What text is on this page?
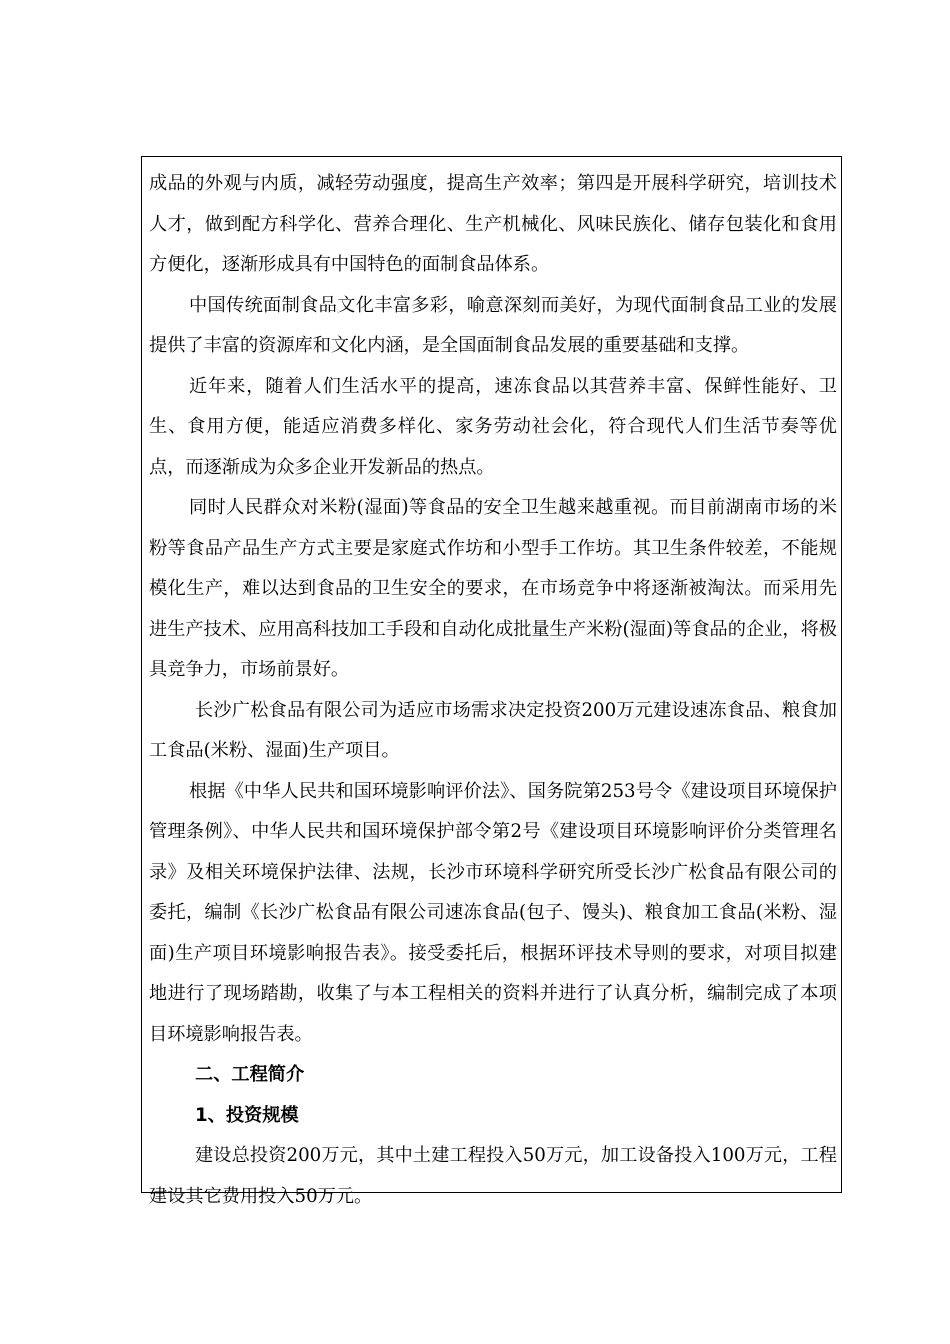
成品的外观与内质，减轻劳动强度，提高生产效率；第四是开展科学研究，培训技术人才，做到配方科学化、营养合理化、生产机械化、风味民族化、储存包装化和食用方便化，逐渐形成具有中国特色的面制食品体系。

中国传统面制食品文化丰富多彩，喻意深刻而美好，为现代面制食品工业的发展提供了丰富的资源库和文化内涵，是全国面制食品发展的重要基础和支撑。

近年来，随着人们生活水平的提高，速冻食品以其营养丰富、保鲜性能好、卫生、食用方便，能适应消费多样化、家务劳动社会化，符合现代人们生活节奏等优点，而逐渐成为众多企业开发新品的热点。

同时人民群众对米粉(湿面)等食品的安全卫生越来越重视。而目前湖南市场的米粉等食品产品生产方式主要是家庭式作坊和小型手工作坊。其卫生条件较差，不能规模化生产，难以达到食品的卫生安全的要求，在市场竞争中将逐渐被淘汰。而采用先进生产技术、应用高科技加工手段和自动化成批量生产米粉(湿面)等食品的企业，将极具竞争力，市场前景好。

长沙广松食品有限公司为适应市场需求决定投资200万元建设速冻食品、粮食加工食品(米粉、湿面)生产项目。

根据《中华人民共和国环境影响评价法》、国务院第253号令《建设项目环境保护管理条例》、中华人民共和国环境保护部令第2号《建设项目环境影响评价分类管理名录》及相关环境保护法律、法规，长沙市环境科学研究所受长沙广松食品有限公司的委托，编制《长沙广松食品有限公司速冻食品(包子、馒头)、粮食加工食品(米粉、湿面)生产项目环境影响报告表》。接受委托后，根据环评技术导则的要求，对项目拟建地进行了现场踏勘，收集了与本工程相关的资料并进行了认真分析，编制完成了本项目环境影响报告表。

二、工程简介

1、投资规模

建设总投资200万元，其中土建工程投入50万元，加工设备投入100万元，工程建设其它费用投入50万元。
